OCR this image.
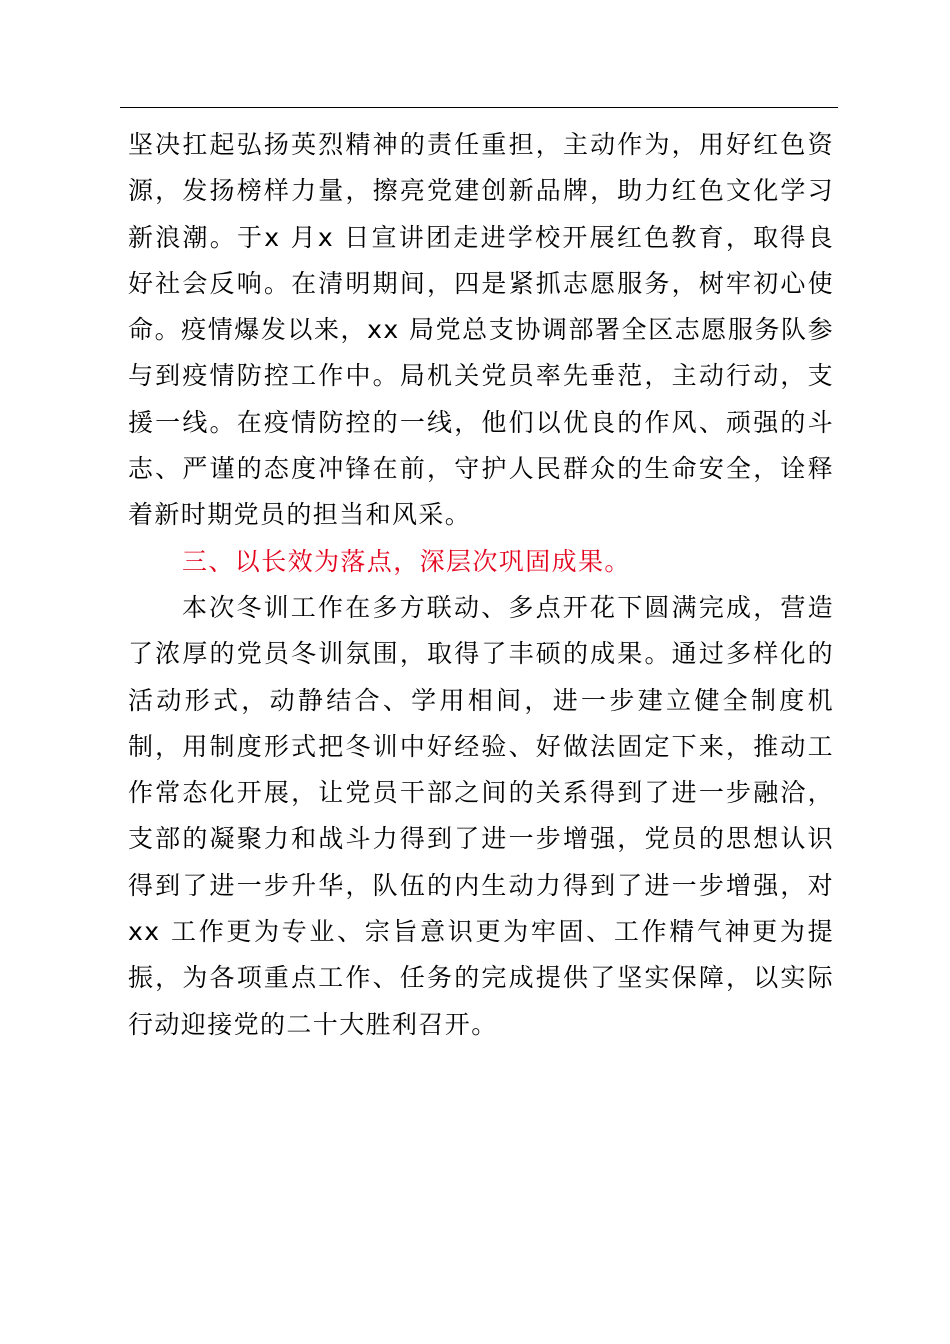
坚决扛起弘扬英烈精神的责任重担，主动作为，用好红色资源，发扬榜样力量，擦亮党建创新品牌，助力红色文化学习新浪潮。于x 月x 日宣讲团走进学校开展红色教育，取得良好社会反响。在清明期间，四是紧抓志愿服务，树牢初心使命。疫情爆发以来，xx 局党总支协调部署全区志愿服务队参与到疫情防控工作中。局机关党员率先垂范，主动行动，支援一线。在疫情防控的一线，他们以优良的作风、顽强的斗志、严谨的态度冲锋在前，守护人民群众的生命安全，诠释着新时期党员的担当和风采。

三、以长效为落点，深层次巩固成果。

本次冬训工作在多方联动、多点开花下圆满完成，营造了浓厚的党员冬训氛围，取得了丰硕的成果。通过多样化的活动形式，动静结合、学用相间，进一步建立健全制度机制，用制度形式把冬训中好经验、好做法固定下来，推动工作常态化开展，让党员干部之间的关系得到了进一步融洽，支部的凝聚力和战斗力得到了进一步增强，党员的思想认识得到了进一步升华，队伍的内生动力得到了进一步增强，对xx 工作更为专业、宗旨意识更为牢固、工作精气神更为提振，为各项重点工作、任务的完成提供了坚实保障，以实际行动迎接党的二十大胜利召开。
